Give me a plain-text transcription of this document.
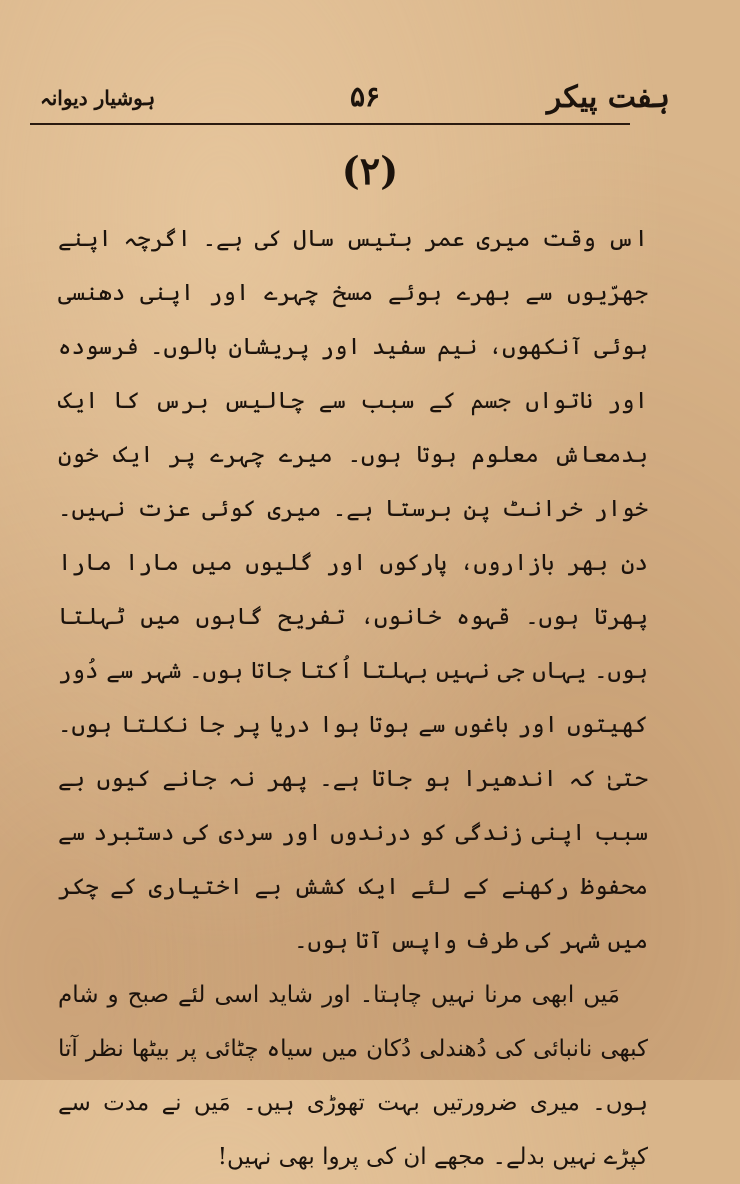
ہفت پیکر
۵۶
ہوشیار دیوانہ
(۲)

اس وقت میری عمر بتیس سال کی ہے۔ اگرچہ اپنے جھرّیوں سے بھرے ہوئے مسخ چہرے اور اپنی دھنسی ہوئی آنکھوں، نیم سفید اور پریشان بالوں۔ فرسودہ اور ناتواں جسم کے سبب سے چالیس برس کا ایک بدمعاش معلوم ہوتا ہوں۔ میرے چہرے پر ایک خون خوار خرانٹ پن برستا ہے۔ میری کوئی عزت نہیں۔ دن بھر بازاروں، پارکوں اور گلیوں میں مارا مارا پھرتا ہوں۔ قہوہ خانوں، تفریح گاہوں میں ٹہلتا ہوں۔ یہاں جی نہیں بہلتا اُکتا جاتا ہوں۔ شہر سے دُور کھیتوں اور باغوں سے ہوتا ہوا دریا پر جا نکلتا ہوں۔ حتیٰ کہ اندھیرا ہو جاتا ہے۔ پھر نہ جانے کیوں بے سبب اپنی زندگی کو درندوں اور سردی کی دستبرد سے محفوظ رکھنے کے لئے ایک کشش بے اختیاری کے چکر میں شہر کی طرف واپس آتا ہوں۔

مَیں ابھی مرنا نہیں چاہتا۔ اور شاید اسی لئے صبح و شام کبھی نانبائی کی دُھندلی دُکان میں سیاہ چٹائی پر بیٹھا نظر آتا ہوں۔ میری ضرورتیں بہت تھوڑی ہیں۔ مَیں نے مدت سے کپڑے نہیں بدلے۔ مجھے ان کی پروا بھی نہیں!
